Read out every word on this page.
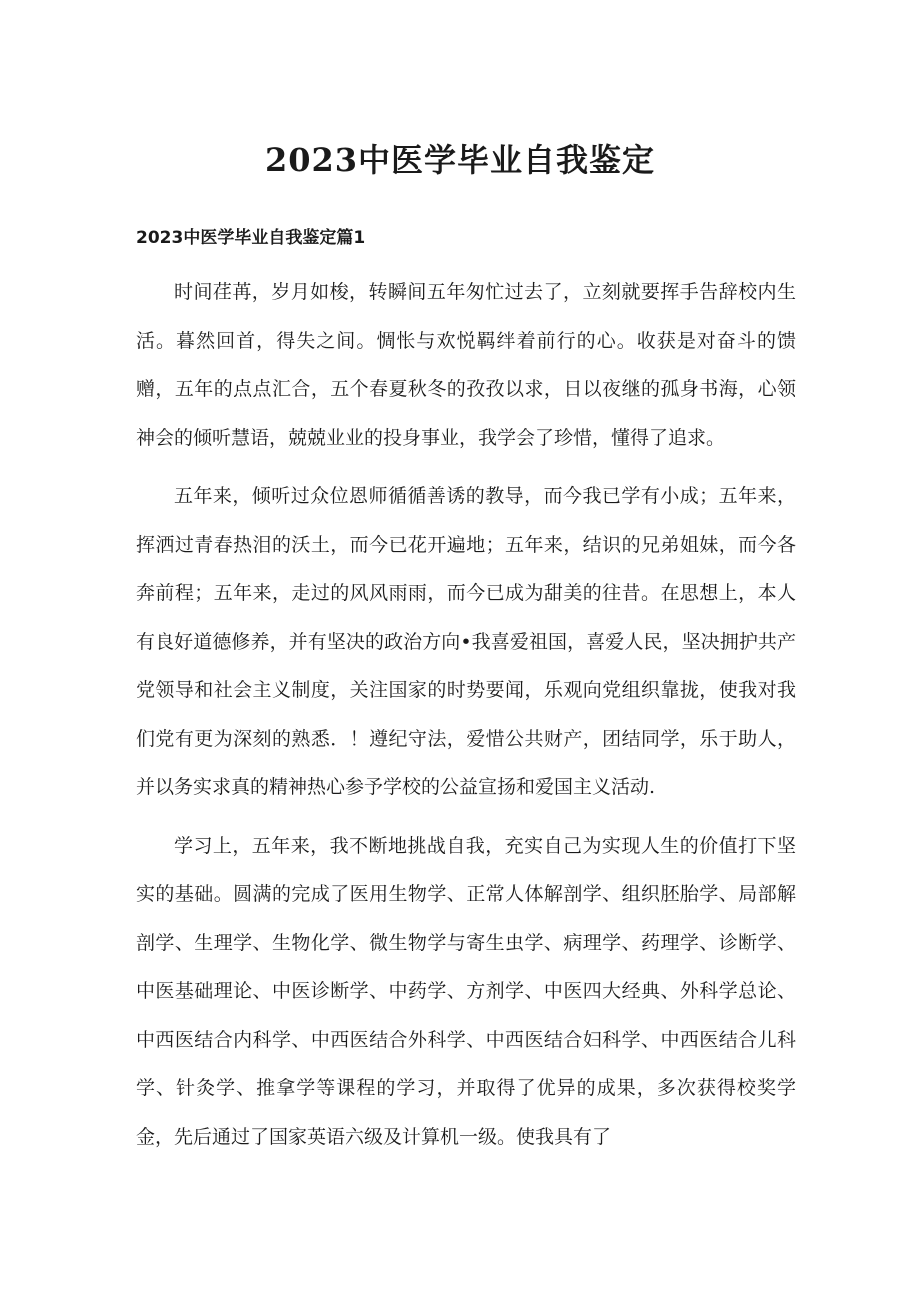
2023中医学毕业自我鉴定
2023中医学毕业自我鉴定篇1

时间荏苒，岁月如梭，转瞬间五年匆忙过去了，立刻就要挥手告辞校内生活。暮然回首，得失之间。惆怅与欢悦羁绊着前行的心。收获是对奋斗的馈赠，五年的点点汇合，五个春夏秋冬的孜孜以求，日以夜继的孤身书海，心领神会的倾听慧语，兢兢业业的投身事业，我学会了珍惜，懂得了追求。

五年来，倾听过众位恩师循循善诱的教导，而今我已学有小成；五年来，挥洒过青春热泪的沃土，而今已花开遍地；五年来，结识的兄弟姐妹，而今各奔前程；五年来，走过的风风雨雨，而今已成为甜美的往昔。在思想上，本人有良好道德修养，并有坚决的政治方向•我喜爱祖国，喜爱人民，坚决拥护共产党领导和社会主义制度，关注国家的时势要闻，乐观向党组织靠拢，使我对我们党有更为深刻的熟悉．！遵纪守法，爱惜公共财产，团结同学，乐于助人，并以务实求真的精神热心参予学校的公益宣扬和爱国主义活动.

学习上，五年来，我不断地挑战自我，充实自己为实现人生的价值打下坚实的基础。圆满的完成了医用生物学、正常人体解剖学、组织胚胎学、局部解剖学、生理学、生物化学、微生物学与寄生虫学、病理学、药理学、诊断学、中医基础理论、中医诊断学、中药学、方剂学、中医四大经典、外科学总论、中西医结合内科学、中西医结合外科学、中西医结合妇科学、中西医结合儿科学、针灸学、推拿学等课程的学习，并取得了优异的成果，多次获得校奖学金，先后通过了国家英语六级及计算机一级。使我具有了
